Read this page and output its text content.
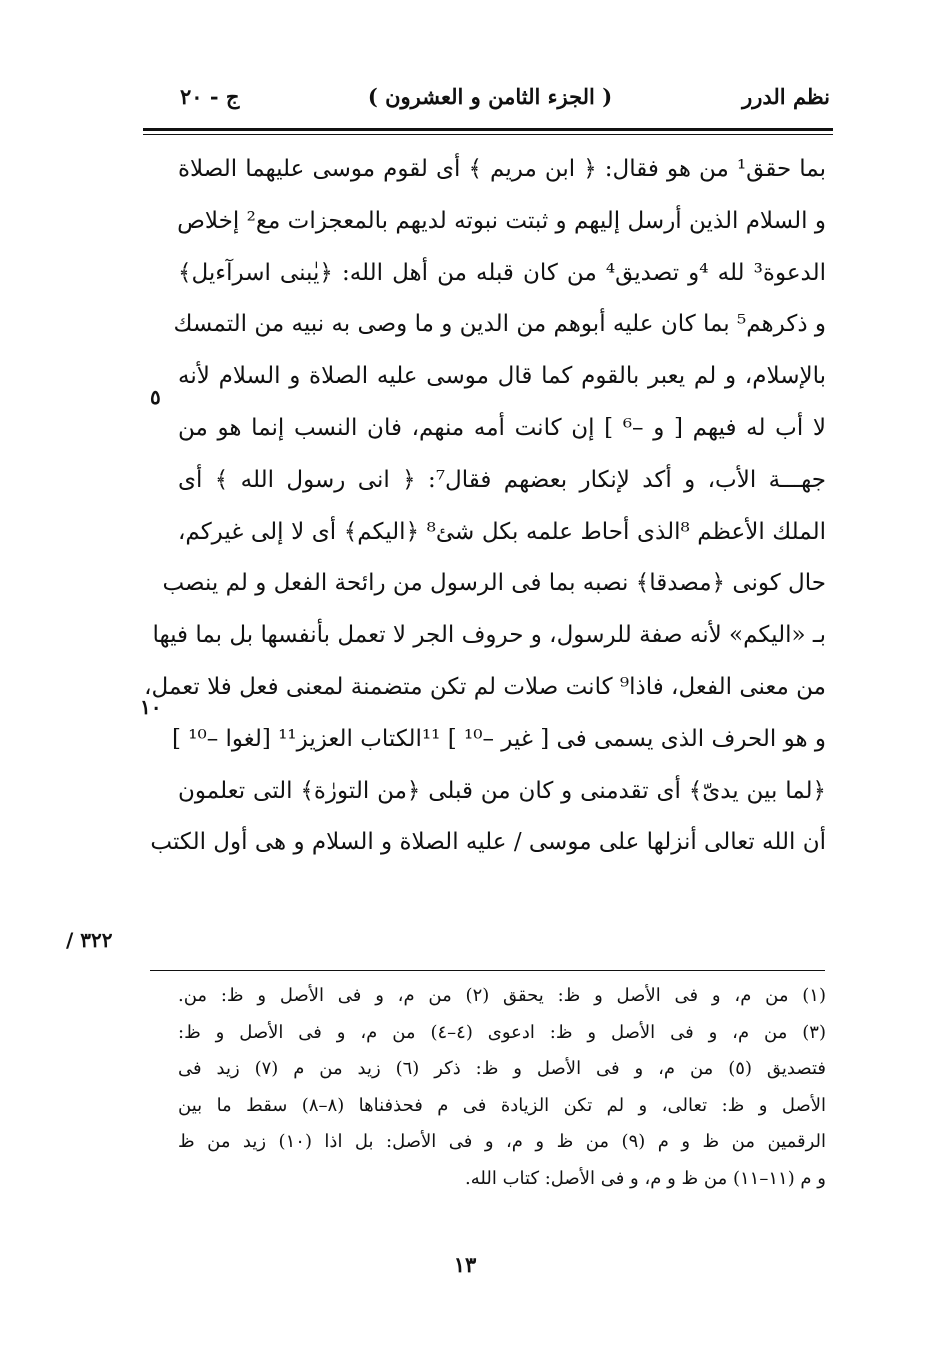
نظم الدرر
( الجزء الثامن و العشرون )
ج - ٢٠
بما حقق¹ من هو فقال: ﴿ ابن مريم ﴾ أى لقوم موسى عليهما الصلاة
و السلام الذين أرسل إليهم و ثبتت نبوته لديهم بالمعجزات مع² إخلاص
الدعوة³ لله ⁴و تصديق⁴ من كان قبله من أهل الله: ﴿يٰبنى اسرآءيل﴾
و ذكرهم⁵ بما كان عليه أبوهم من الدين و ما وصى به نبيه من التمسك
بالإسلام، و لم يعبر بالقوم كما قال موسى عليه الصلاة و السلام لأنه
لا أب له فيهم [ و –⁶ ] إن كانت أمه منهم، فان النسب إنما هو من
جهـــة الأب، و أكد لإنكار بعضهم فقال⁷: ﴿ انى رسول الله ﴾ أى
الملك الأعظم ⁸الذى أحاط علمه بكل شئ⁸ ﴿اليكم﴾ أى لا إلى غيركم،
حال كونى ﴿مصدقا﴾ نصبه بما فى الرسول من رائحة الفعل و لم ينصب
بـ «اليكم» لأنه صفة للرسول، و حروف الجر لا تعمل بأنفسها بل بما فيها
من معنى الفعل، فاذا⁹ كانت صلات لم تكن متضمنة لمعنى فعل فلا تعمل،
و هو الحرف الذى يسمى فى [ غير –¹⁰ ] ¹¹الكتاب العزيز¹¹ [لغوا –¹⁰ ]
﴿لما بين يدىّ﴾ أى تقدمنى و كان من قبلى ﴿من التورٰة﴾ التى تعلمون
أن الله تعالى أنزلها على موسى / عليه الصلاة و السلام و هى أول الكتب
٥
١٠
/ ٣٢٢
(١) من م، و فى الأصل و ظ: يحقق (٢) من م، و فى الأصل و ظ: من.
(٣) من م، و فى الأصل و ظ: ادعوى (٤–٤) من م، و فى الأصل و ظ:
فتصديق (٥) من م، و فى الأصل و ظ: ذكر (٦) زيد من م (٧) زيد فى
الأصل و ظ: تعالى، و لم تكن الزيادة فى م فحذفناها (٨–٨) سقط ما بين
الرقمين من ظ و م (٩) من ظ و م، و فى الأصل: بل اذا (١٠) زيد من ظ
و م (١١–١١) من ظ و م، و فى الأصل: كتاب الله.
١٣
